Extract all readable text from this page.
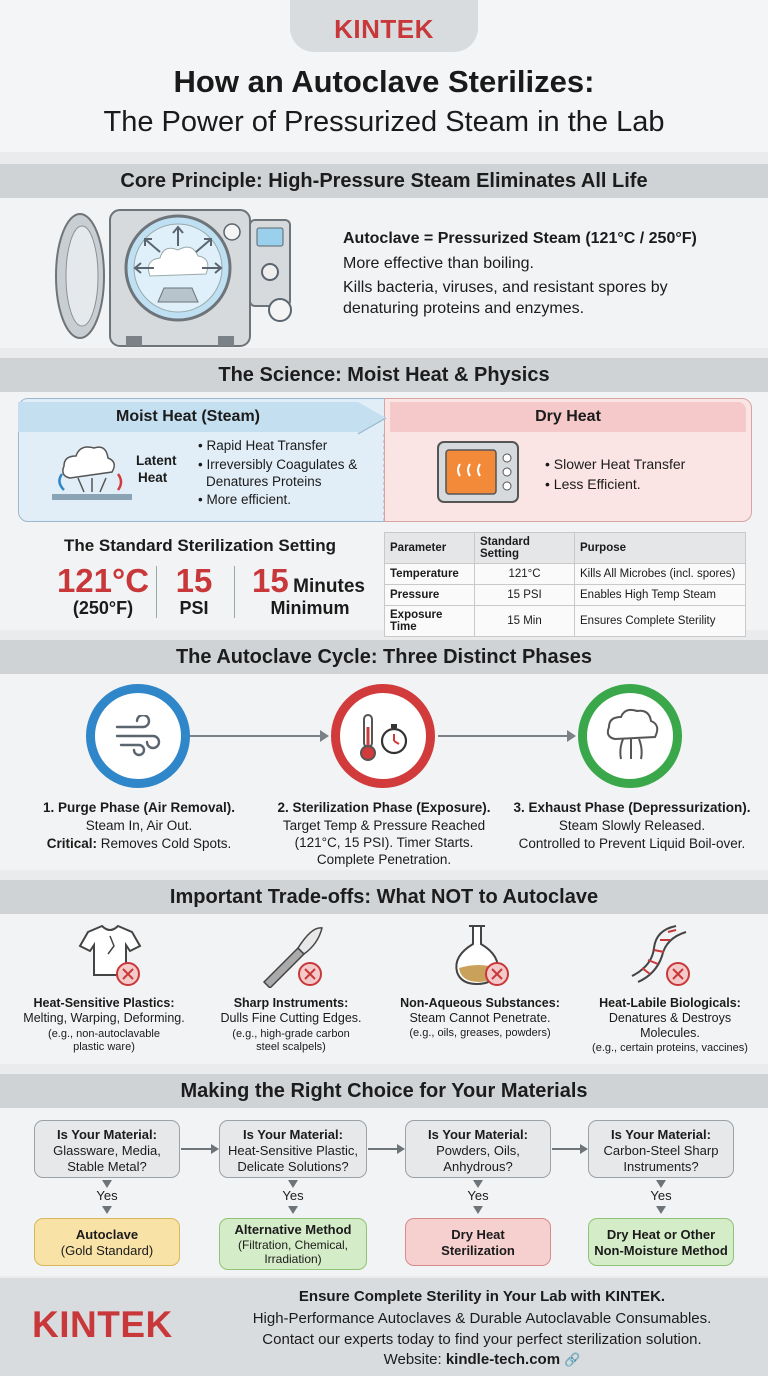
KINTEK
How an Autoclave Sterilizes:
The Power of Pressurized Steam in the Lab
Core Principle: High-Pressure Steam Eliminates All Life
Autoclave = Pressurized Steam (121°C / 250°F)
More effective than boiling.
Kills bacteria, viruses, and resistant spores by
denaturing proteins and enzymes.
The Science: Moist Heat & Physics
Moist Heat (Steam)
Latent
Heat
• Rapid Heat Transfer
• Irreversibly Coagulates &
Denatures Proteins
• More efficient.
Dry Heat
• Slower Heat Transfer
• Less Efficient.
The Standard Sterilization Setting
121°C
(250°F)
15
PSI
15 Minutes
Minimum
Parameter	Standard Setting	Purpose
Temperature	121°C	Kills All Microbes (incl. spores)
Pressure	15 PSI	Enables High Temp Steam
Exposure Time	15 Min	Ensures Complete Sterility
The Autoclave Cycle: Three Distinct Phases
1. Purge Phase (Air Removal).
Steam In, Air Out.
Critical: Removes Cold Spots.
2. Sterilization Phase (Exposure).
Target Temp & Pressure Reached
(121°C, 15 PSI). Timer Starts.
Complete Penetration.
3. Exhaust Phase (Depressurization).
Steam Slowly Released.
Controlled to Prevent Liquid Boil-over.
Important Trade-offs: What NOT to Autoclave
Heat-Sensitive Plastics:
Melting, Warping, Deforming.
(e.g., non-autoclavable
plastic ware)
Sharp Instruments:
Dulls Fine Cutting Edges.
(e.g., high-grade carbon
steel scalpels)
Non-Aqueous Substances:
Steam Cannot Penetrate.
(e.g., oils, greases, powders)
Heat-Labile Biologicals:
Denatures & Destroys
Molecules.
(e.g., certain proteins, vaccines)
Making the Right Choice for Your Materials
Is Your Material:
Glassware, Media,
Stable Metal?
Is Your Material:
Heat-Sensitive Plastic,
Delicate Solutions?
Is Your Material:
Powders, Oils,
Anhydrous?
Is Your Material:
Carbon-Steel Sharp
Instruments?
Yes	Yes	Yes	Yes
Autoclave
(Gold Standard)
Alternative Method
(Filtration, Chemical,
Irradiation)
Dry Heat
Sterilization
Dry Heat or Other
Non-Moisture Method
KINTEK
Ensure Complete Sterility in Your Lab with KINTEK.
High-Performance Autoclaves & Durable Autoclavable Consumables.
Contact our experts today to find your perfect sterilization solution.
Website: kindle-tech.com 🔗
